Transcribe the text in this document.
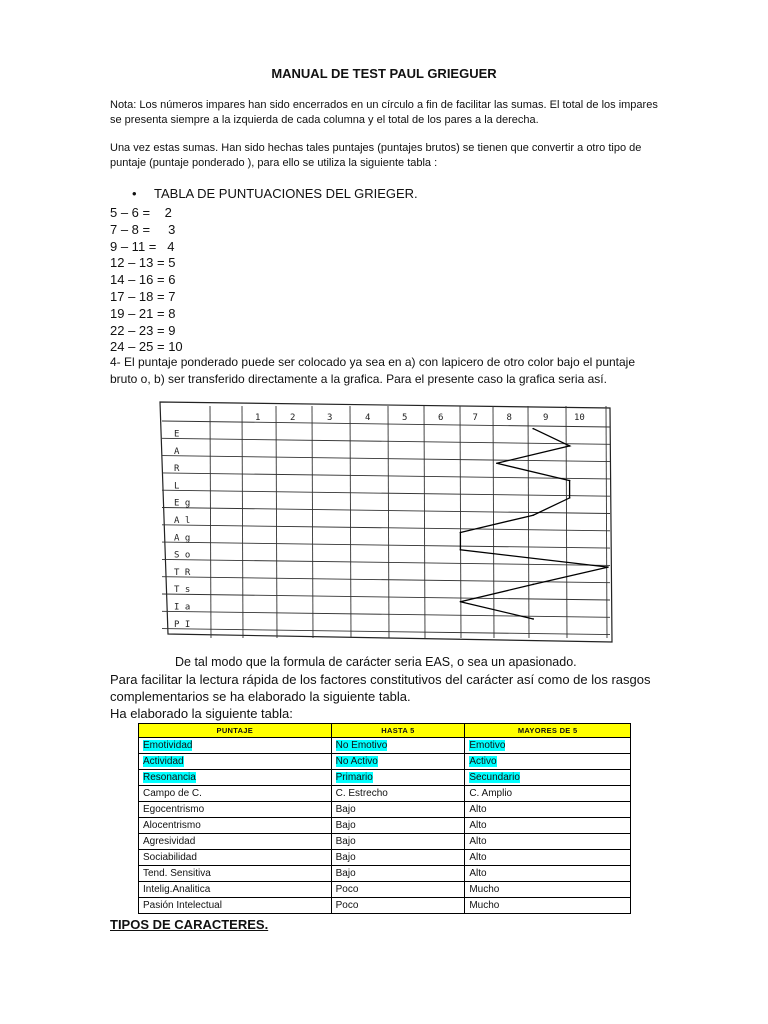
MANUAL DE TEST PAUL GRIEGUER
Nota: Los números impares han sido encerrados en un círculo a fin de facilitar las sumas. El total de los impares se presenta siempre a la izquierda de cada columna y el total de los pares a la derecha.
Una vez estas sumas. Han sido hechas tales puntajes (puntajes brutos) se tienen que convertir a otro tipo de puntaje (puntaje ponderado ), para ello se utiliza la siguiente tabla :
• TABLA DE PUNTUACIONES DEL GRIEGER.
5 – 6 =    2
7 – 8 =     3
9 – 11 =   4
12 – 13 = 5
14 – 16 = 6
17 – 18 = 7
19 – 21 = 8
22 – 23 = 9
24 – 25 = 10
4- El puntaje ponderado puede ser colocado ya sea en a) con lapicero de otro color bajo el puntaje bruto o, b) ser transferido directamente a la grafica. Para el presente caso la grafica seria así.
1	2	3	4	5	6	7	8	9	10
E
A
R
L
E g
A l
A g
S o
T R
T s
I a
P I
De tal modo que la formula de carácter seria EAS, o sea un apasionado.
Para facilitar la lectura rápida de los factores constitutivos del carácter así como de los rasgos complementarios se ha elaborado la siguiente tabla.
Ha elaborado la siguiente tabla:
PUNTAJE	HASTA 5	MAYORES DE 5
Emotividad	No Emotivo	Emotivo
Actividad	No Activo	Activo
Resonancia	Primario	Secundario
Campo de C.	C. Estrecho	C. Amplio
Egocentrismo	Bajo	Alto
Alocentrismo	Bajo	Alto
Agresividad	Bajo	Alto
Sociabilidad	Bajo	Alto
Tend. Sensitiva	Bajo	Alto
Intelig.Analitica	Poco	Mucho
Pasión Intelectual	Poco	Mucho
TIPOS DE CARACTERES.
